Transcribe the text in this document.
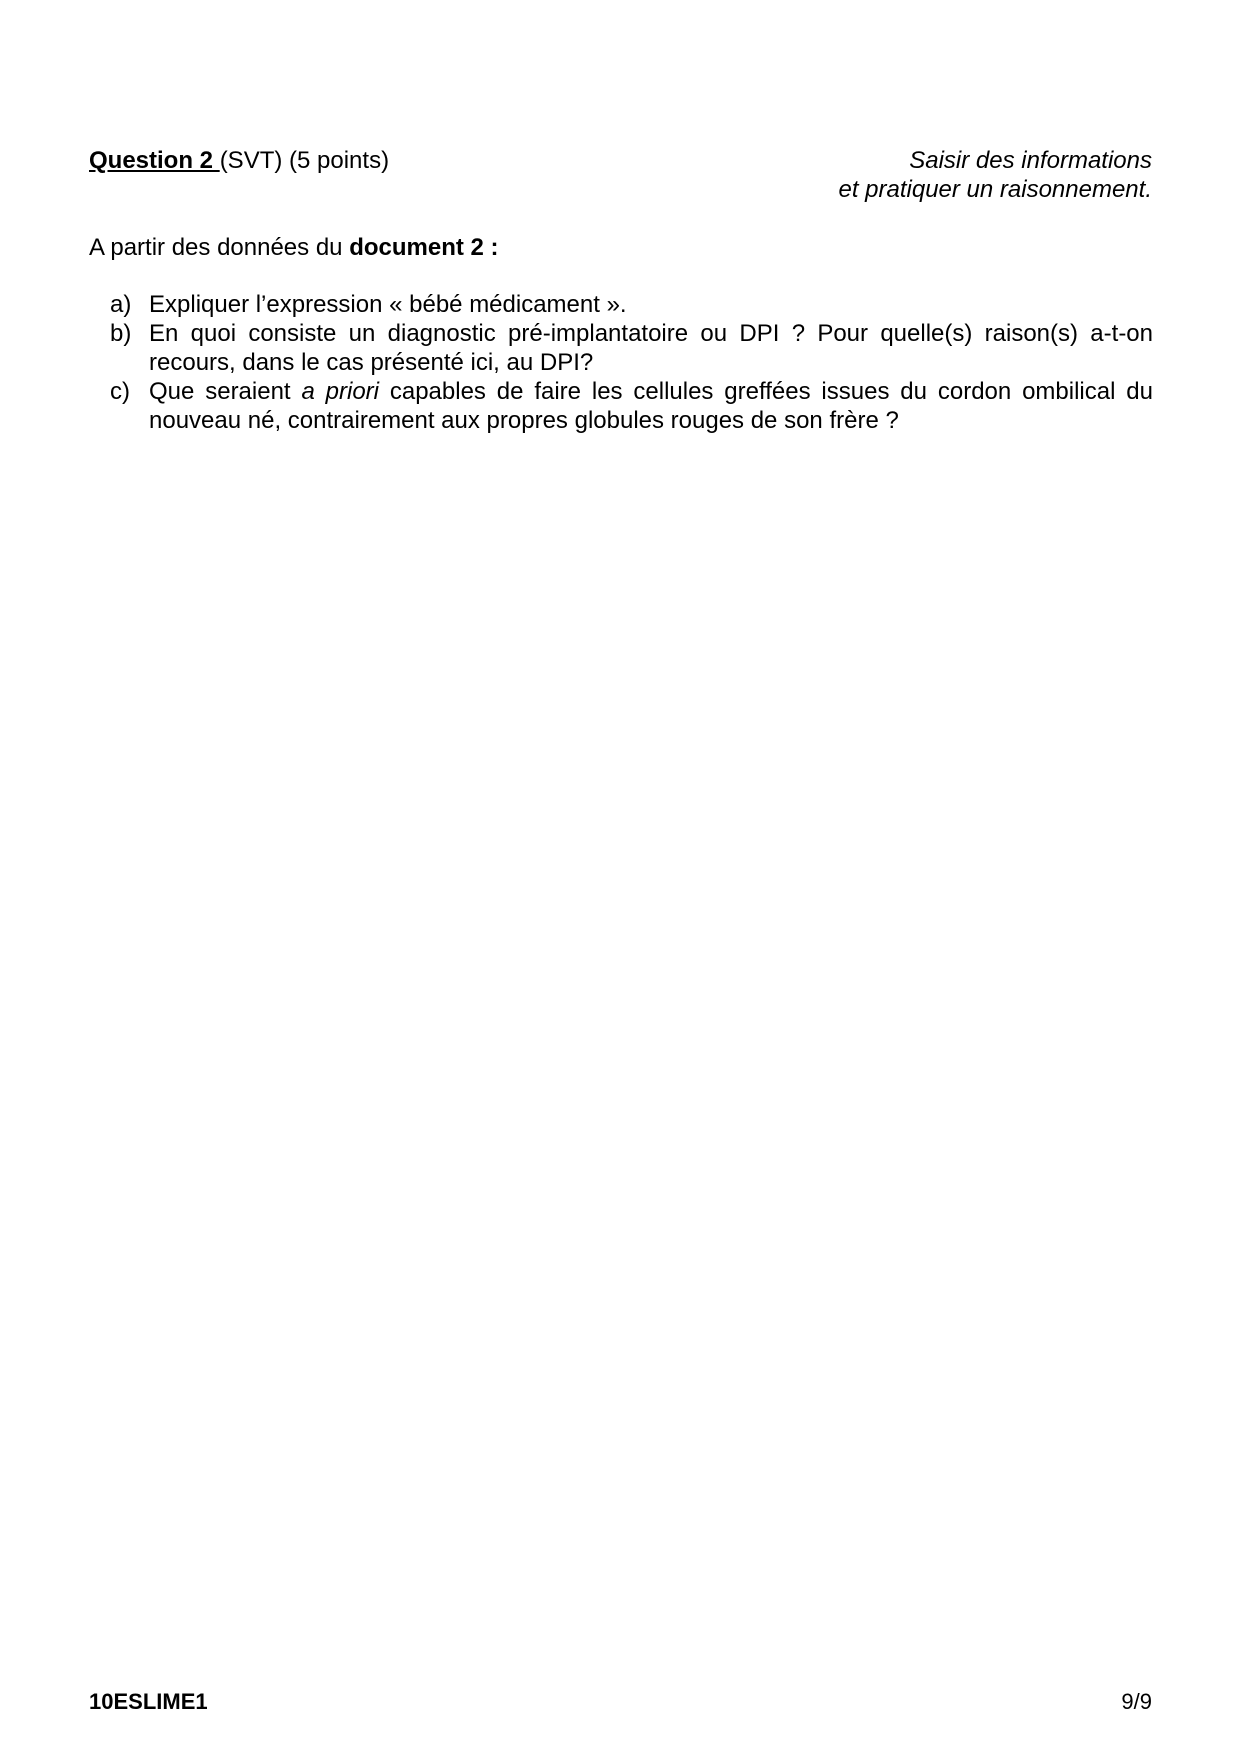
Question 2 (SVT) (5 points)	Saisir des informations
et pratiquer un raisonnement.
A partir des données du document 2 :
a) Expliquer l’expression « bébé médicament ».
b) En quoi consiste un diagnostic pré-implantatoire ou DPI ? Pour quelle(s) raison(s) a-t-on recours, dans le cas présenté ici, au DPI?
c) Que seraient a priori capables de faire les cellules greffées issues du cordon ombilical du nouveau né, contrairement aux propres globules rouges de son frère ?
10ESLIME1	9/9
